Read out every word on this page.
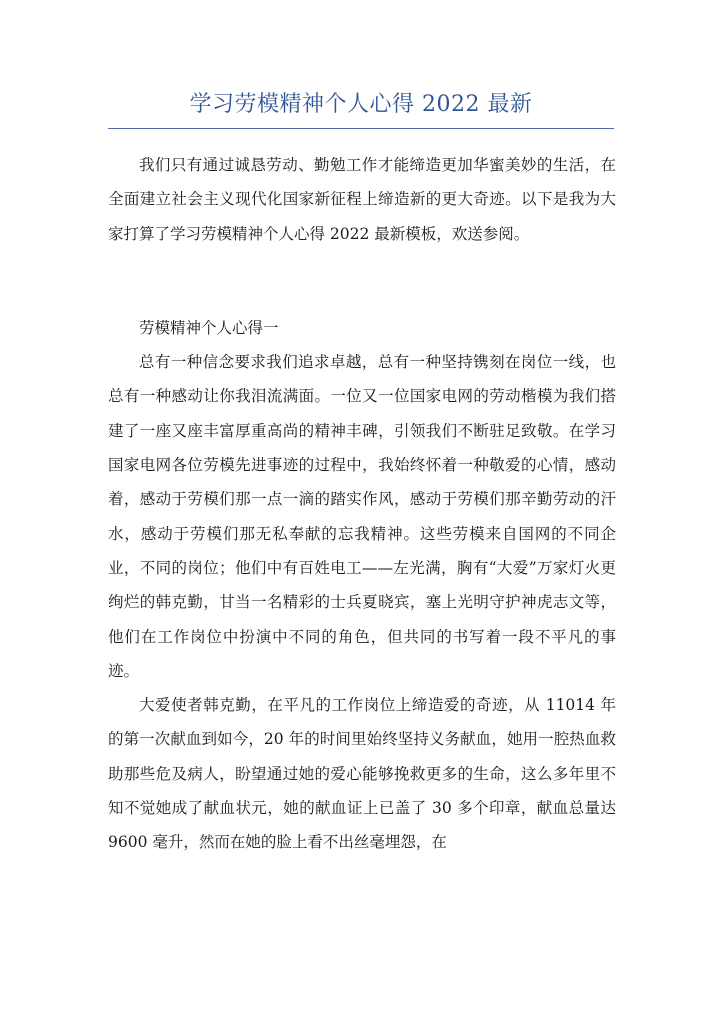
学习劳模精神个人心得 2022 最新

我们只有通过诚恳劳动、勤勉工作才能缔造更加华蜜美妙的生活，在全面建立社会主义现代化国家新征程上缔造新的更大奇迹。以下是我为大家打算了学习劳模精神个人心得 2022 最新模板，欢送参阅。

劳模精神个人心得一

总有一种信念要求我们追求卓越，总有一种坚持镌刻在岗位一线，也总有一种感动让你我泪流满面。一位又一位国家电网的劳动楷模为我们搭建了一座又座丰富厚重高尚的精神丰碑，引领我们不断驻足致敬。在学习国家电网各位劳模先进事迹的过程中，我始终怀着一种敬爱的心情，感动着，感动于劳模们那一点一滴的踏实作风，感动于劳模们那辛勤劳动的汗水，感动于劳模们那无私奉献的忘我精神。这些劳模来自国网的不同企业，不同的岗位；他们中有百姓电工——左光满，胸有“大爱”万家灯火更绚烂的韩克勤，甘当一名精彩的士兵夏晓宾，塞上光明守护神虎志文等，他们在工作岗位中扮演中不同的角色，但共同的书写着一段不平凡的事迹。

大爱使者韩克勤，在平凡的工作岗位上缔造爱的奇迹，从 11014 年的第一次献血到如今，20 年的时间里始终坚持义务献血，她用一腔热血救助那些危及病人，盼望通过她的爱心能够挽救更多的生命，这么多年里不知不觉她成了献血状元，她的献血证上已盖了 30 多个印章，献血总量达 9600 毫升，然而在她的脸上看不出丝毫埋怨，在
